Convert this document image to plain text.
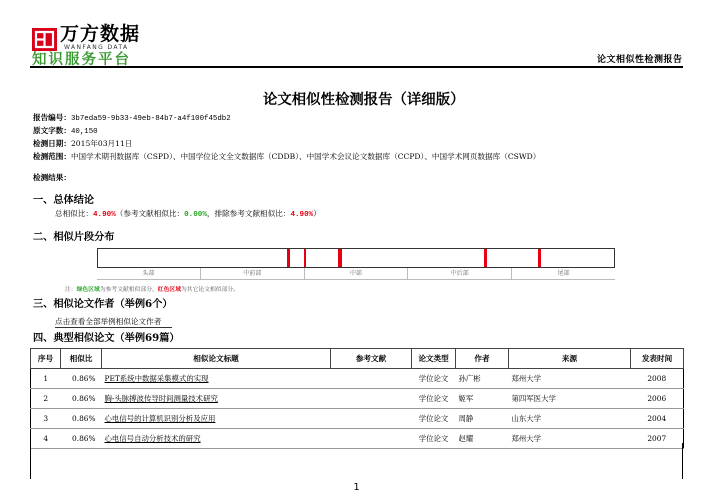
万方数据
WANFANG DATA
知识服务平台	论文相似性检测报告
论文相似性检测报告（详细版）
报告编号：3b7eda59-9b33-49eb-84b7-a4f100f45db2
原文字数：40,150
检测日期：2015年03月11日
检测范围：中国学术期刊数据库（CSPD）、中国学位论文全文数据库（CDDB）、中国学术会议论文数据库（CCPD）、中国学术网页数据库（CSWD）
检测结果：
一、总体结论
总相似比：4.90%（参考文献相似比：0.00%，排除参考文献相似比：4.90%）
二、相似片段分布
头部	中前部	中部	中后部	尾部
注：绿色区域为参考文献相似部分，红色区域为其它论文相似部分。
三、相似论文作者（举例6个）
点击查看全部举例相似论文作者
四、典型相似论文（举例69篇）
序号	相似比	相似论文标题	参考文献	论文类型	作者	来源	发表时间
1	0.86%	PET系统中数据采集模式的实现		学位论文	孙广彬	郑州大学	2008
2	0.86%	胸-头脉搏波传导时间测量技术研究		学位论文	姬军	第四军医大学	2006
3	0.86%	心电信号的计算机识别分析及应用		学位论文	周静	山东大学	2004
4	0.86%	心电信号自动分析技术的研究		学位论文	赵耀	郑州大学	2007
1
